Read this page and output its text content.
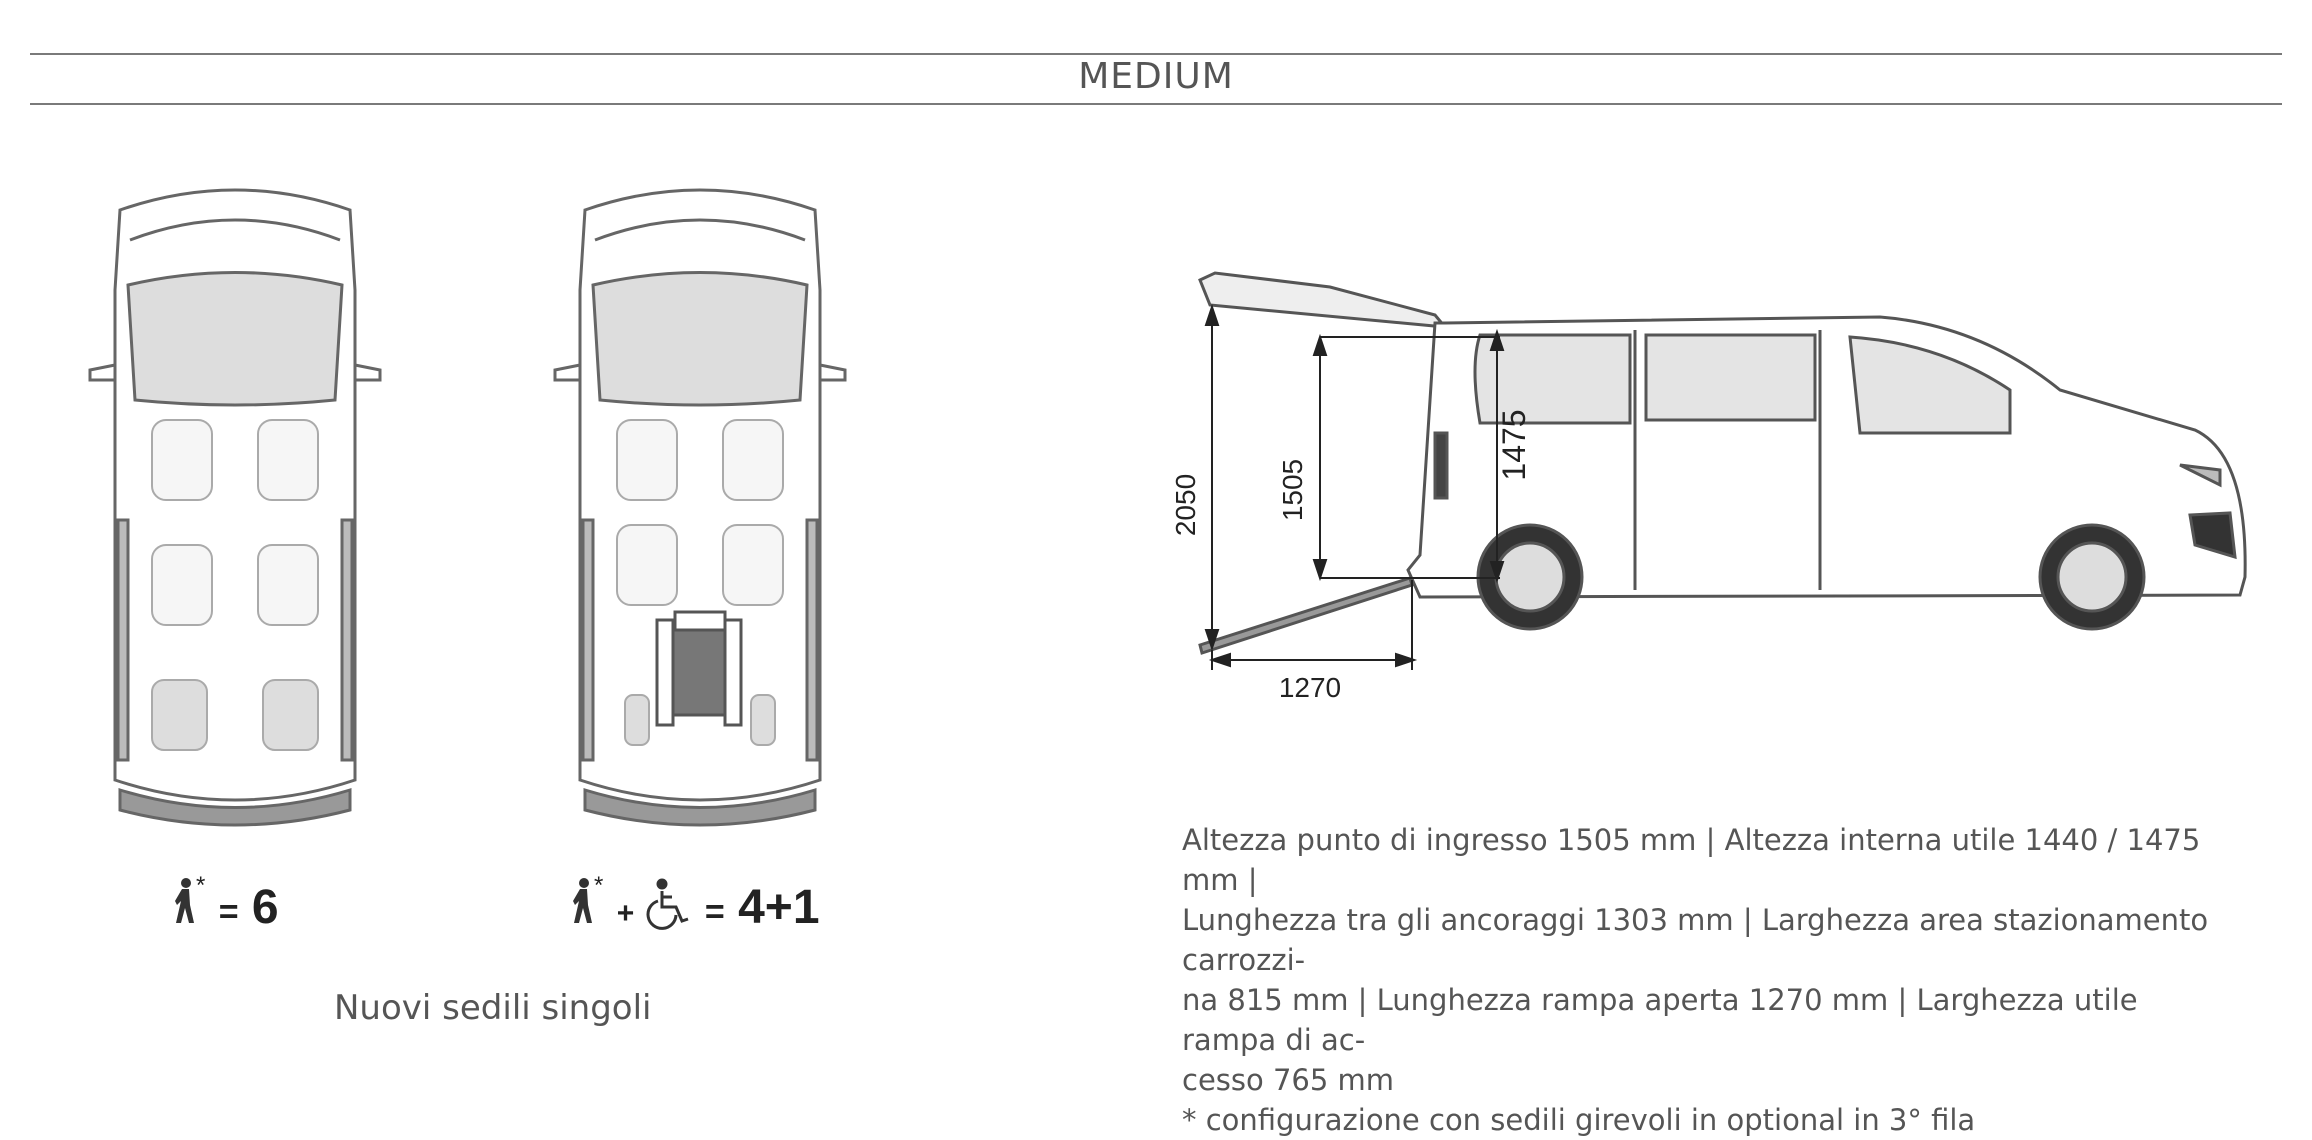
MEDIUM
* = 6	* + = 4+1
Nuovi sedili singoli
2050	1505
1475
1270

Altezza punto di ingresso 1505 mm | Altezza interna utile 1440 / 1475 mm |

Lunghezza tra gli ancoraggi 1303 mm | Larghezza area stazionamento carrozzi-

na 815 mm | Lunghezza rampa aperta 1270 mm | Larghezza utile rampa di ac-

cesso 765 mm

* configurazione con sedili girevoli in optional in 3° fila
